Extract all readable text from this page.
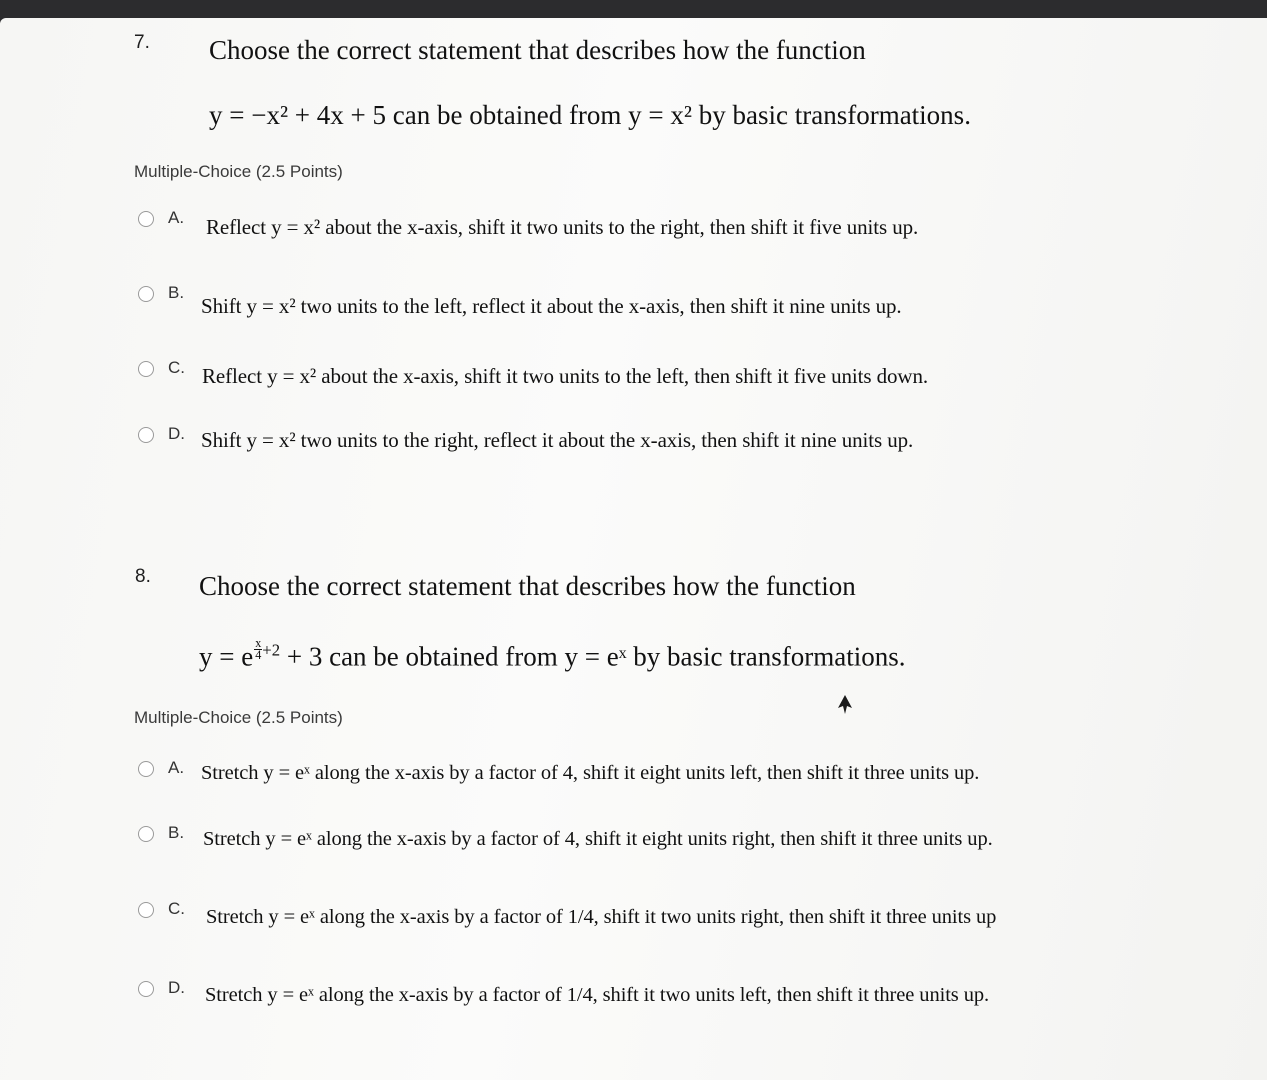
7. Choose the correct statement that describes how the function
y = −x² + 4x + 5 can be obtained from y = x² by basic transformations.
Multiple-Choice (2.5 Points)
A. Reflect y = x² about the x-axis, shift it two units to the right, then shift it five units up.
B.
Shift y = x² two units to the left, reflect it about the x-axis, then shift it nine units up.
C. Reflect y = x² about the x-axis, shift it two units to the left, then shift it five units down.
D. Shift y = x² two units to the right, reflect it about the x-axis, then shift it nine units up.
8. Choose the correct statement that describes how the function
y = e $\frac{x}{4} ^{+2} + 3$ can be obtained from y = eˣ by basic transformations.
Multiple-Choice (2.5 Points)
A. Stretch y = eˣ along the x-axis by a factor of 4, shift it eight units left, then shift it three units up.
B. Stretch y = eˣ along the x-axis by a factor of 4, shift it eight units right, then shift it three units up.
C. Stretch y = eˣ along the x-axis by a factor of 1/4, shift it two units right, then shift it three units up
D. Stretch y = eˣ along the x-axis by a factor of 1/4, shift it two units left, then shift it three units up.
